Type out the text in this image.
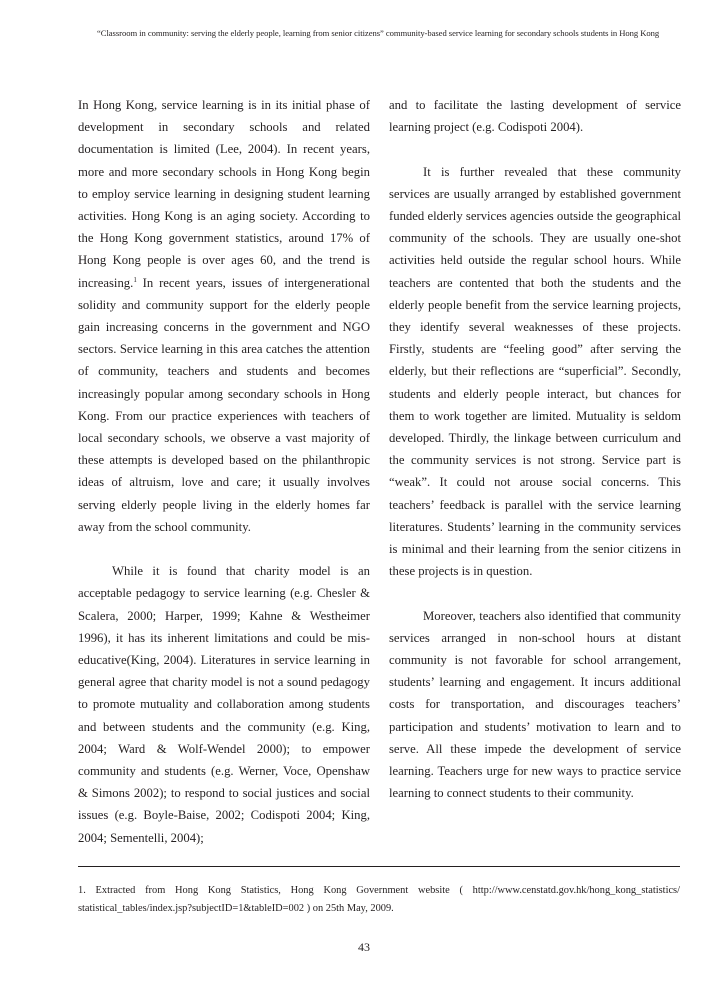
“Classroom in community: serving the elderly people, learning from senior citizens” community-based service learning for secondary schools students in Hong Kong

In Hong Kong, service learning is in its initial phase of development in secondary schools and related documentation is limited (Lee, 2004). In recent years, more and more secondary schools in Hong Kong begin to employ service learning in designing student learning activities. Hong Kong is an aging society. According to the Hong Kong government statistics, around 17% of Hong Kong people is over ages 60, and the trend is increasing.$^1$ In recent years, issues of intergenerational solidity and community support for the elderly people gain increasing concerns in the government and NGO sectors. Service learning in this area catches the attention of community, teachers and students and becomes increasingly popular among secondary schools in Hong Kong. From our practice experiences with teachers of local secondary schools, we observe a vast majority of these attempts is developed based on the philanthropic ideas of altruism, love and care; it usually involves serving elderly people living in the elderly homes far away from the school community.

While it is found that charity model is an acceptable pedagogy to service learning (e.g. Chesler & Scalera, 2000; Harper, 1999; Kahne & Westheimer 1996), it has its inherent limitations and could be mis-educative(King, 2004). Literatures in service learning in general agree that charity model is not a sound pedagogy to promote mutuality and collaboration among students and between students and the community (e.g. King, 2004; Ward & Wolf-Wendel 2000); to empower community and students (e.g. Werner, Voce, Openshaw & Simons 2002); to respond to social justices and social issues (e.g. Boyle-Baise, 2002; Codispoti 2004; King, 2004; Sementelli, 2004);

and to facilitate the lasting development of service learning project (e.g. Codispoti 2004).

It is further revealed that these community services are usually arranged by established government funded elderly services agencies outside the geographical community of the schools. They are usually one-shot activities held outside the regular school hours. While teachers are contented that both the students and the elderly people benefit from the service learning projects, they identify several weaknesses of these projects. Firstly, students are “feeling good” after serving the elderly, but their reflections are “superficial”. Secondly, students and elderly people interact, but chances for them to work together are limited. Mutuality is seldom developed. Thirdly, the linkage between curriculum and the community services is not strong. Service part is “weak”. It could not arouse social concerns. This teachers’ feedback is parallel with the service learning literatures. Students’ learning in the community services is minimal and their learning from the senior citizens in these projects is in question.

Moreover, teachers also identified that community services arranged in non-school hours at distant community is not favorable for school arrangement, students’ learning and engagement. It incurs additional costs for transportation, and discourages teachers’ participation and students’ motivation to learn and to serve. All these impede the development of service learning. Teachers urge for new ways to practice service learning to connect students to their community.

1. Extracted from Hong Kong Statistics, Hong Kong Government website ( http://www.censtatd.gov.hk/hong_kong_statistics/ statistical_tables/index.jsp?subjectID=1&tableID=002 ) on 25th May, 2009.
43
